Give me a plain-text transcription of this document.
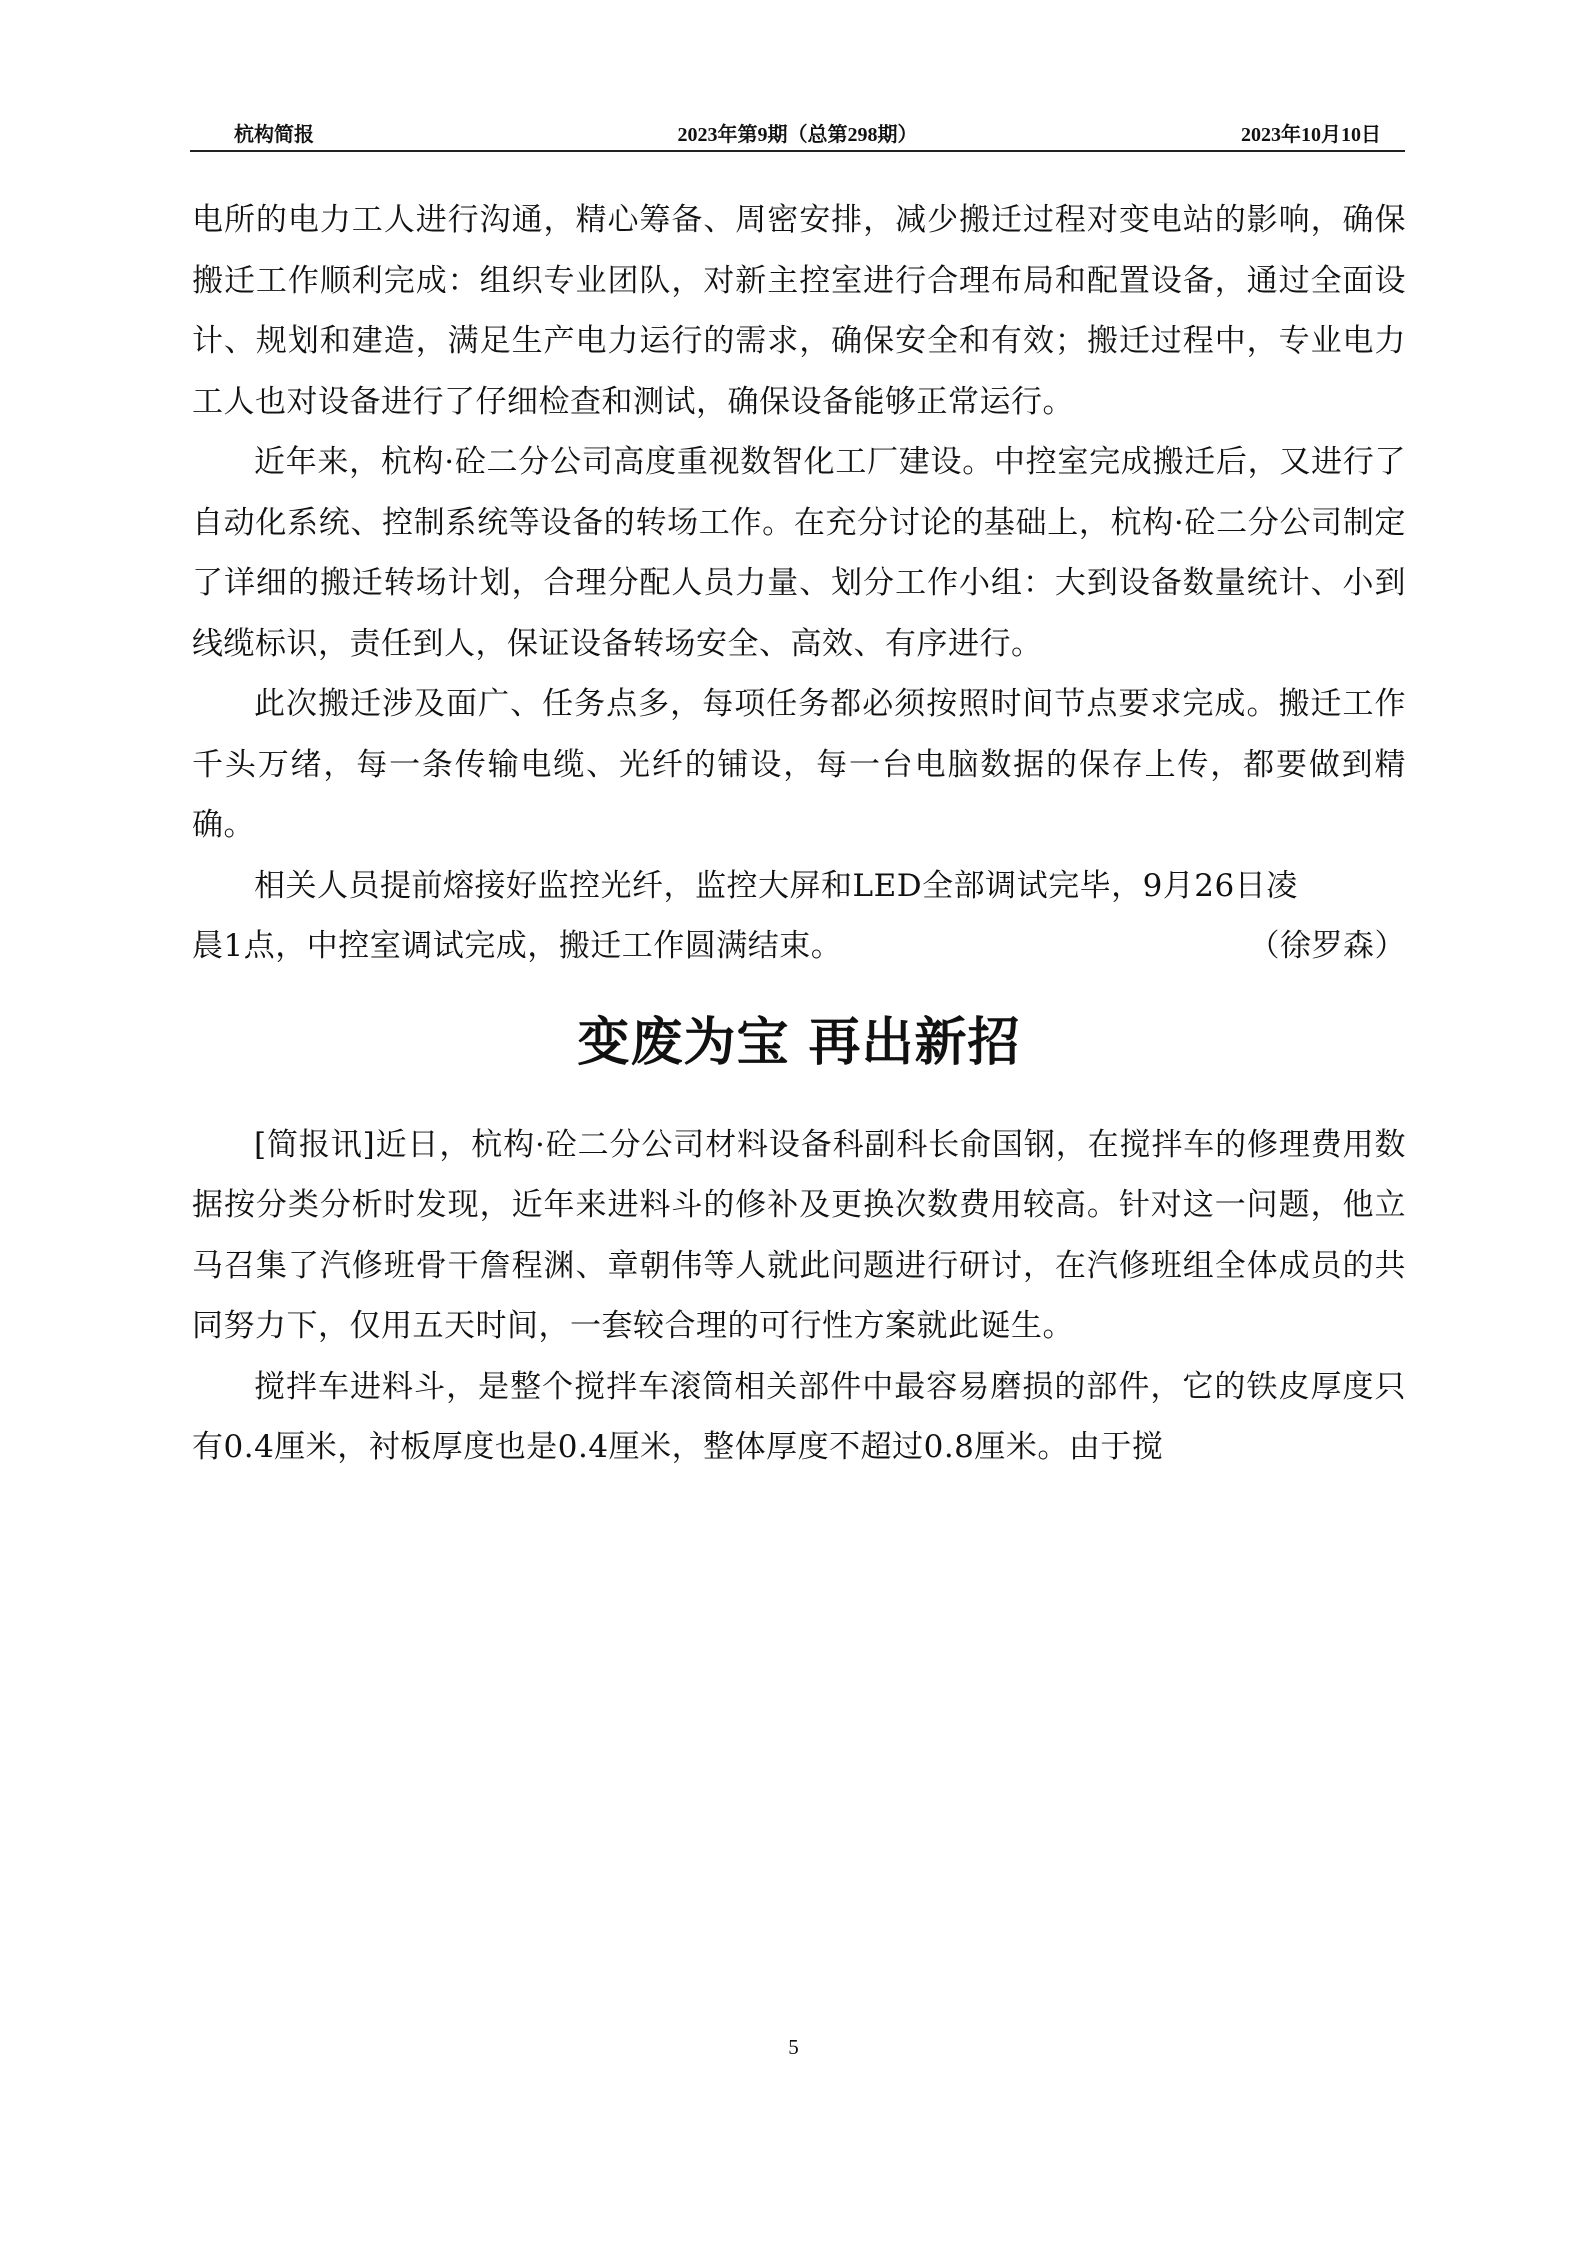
杭构简报	2023年第9期（总第298期）	2023年10月10日

电所的电力工人进行沟通，精心筹备、周密安排，减少搬迁过程对变电站的影响，确保搬迁工作顺利完成：组织专业团队，对新主控室进行合理布局和配置设备，通过全面设计、规划和建造，满足生产电力运行的需求，确保安全和有效；搬迁过程中，专业电力工人也对设备进行了仔细检查和测试，确保设备能够正常运行。

近年来，杭构·砼二分公司高度重视数智化工厂建设。中控室完成搬迁后，又进行了自动化系统、控制系统等设备的转场工作。在充分讨论的基础上，杭构·砼二分公司制定了详细的搬迁转场计划，合理分配人员力量、划分工作小组：大到设备数量统计、小到线缆标识，责任到人，保证设备转场安全、高效、有序进行。

此次搬迁涉及面广、任务点多，每项任务都必须按照时间节点要求完成。搬迁工作千头万绪，每一条传输电缆、光纤的铺设，每一台电脑数据的保存上传，都要做到精确。

相关人员提前熔接好监控光纤，监控大屏和LED全部调试完毕，9月26日凌

晨1点，中控室调试完成，搬迁工作圆满结束。	（徐罗森）
变废为宝 再出新招

[简报讯]近日，杭构·砼二分公司材料设备科副科长俞国钢，在搅拌车的修理费用数据按分类分析时发现，近年来进料斗的修补及更换次数费用较高。针对这一问题，他立马召集了汽修班骨干詹程渊、章朝伟等人就此问题进行研讨，在汽修班组全体成员的共同努力下，仅用五天时间，一套较合理的可行性方案就此诞生。

搅拌车进料斗，是整个搅拌车滚筒相关部件中最容易磨损的部件，它的铁皮厚度只有0.4厘米，衬板厚度也是0.4厘米，整体厚度不超过0.8厘米。由于搅

5
